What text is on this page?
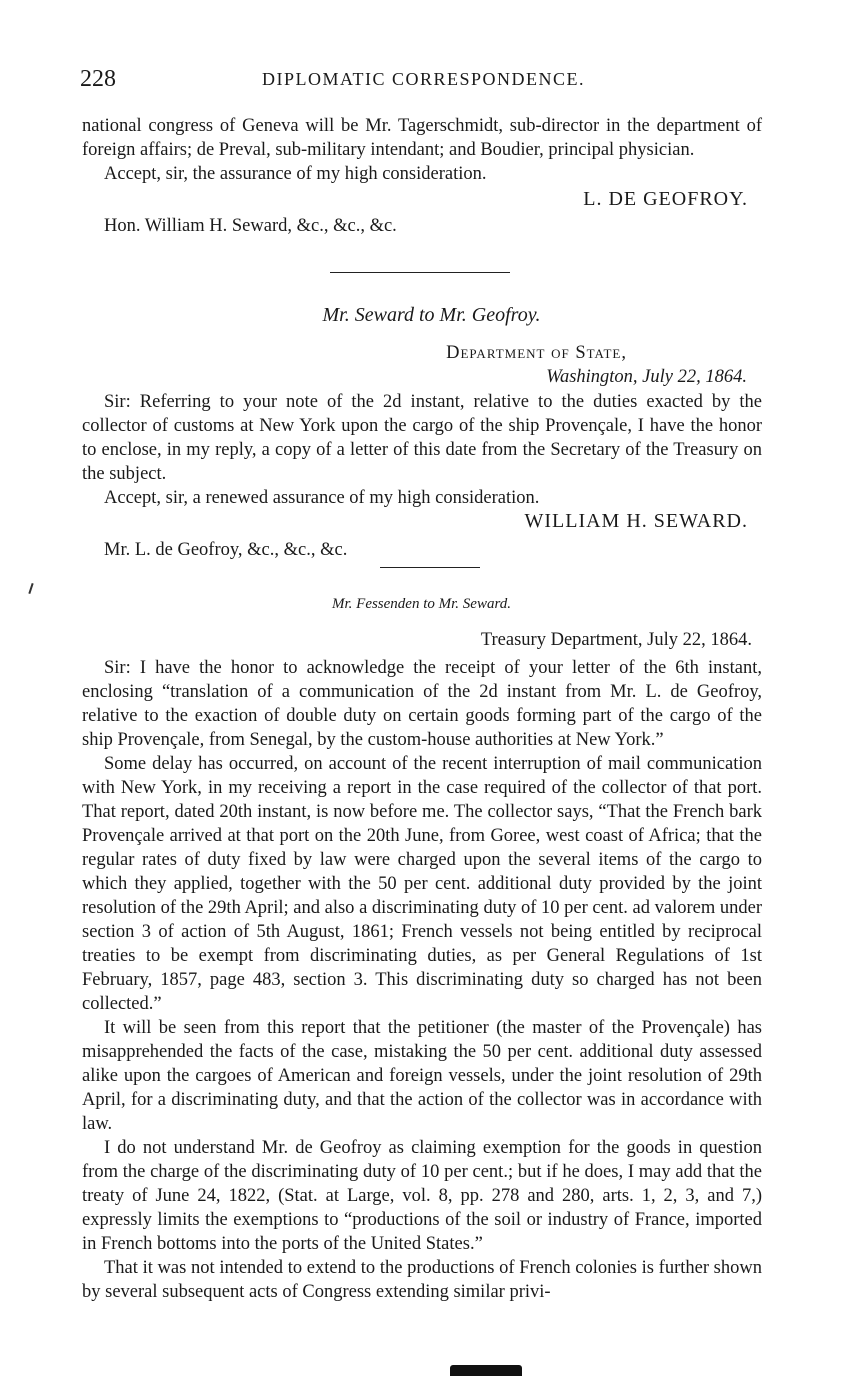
228	DIPLOMATIC CORRESPONDENCE.

national congress of Geneva will be Mr. Tagerschmidt, sub-director in the department of foreign affairs; de Preval, sub-military intendant; and Boudier, principal physician.

Accept, sir, the assurance of my high consideration.

L. DE GEOFROY.

Hon. William H. Seward, &c., &c., &c.

Mr. Seward to Mr. Geofroy.
Department of State,
Washington, July 22, 1864.

Sir: Referring to your note of the 2d instant, relative to the duties exacted by the collector of customs at New York upon the cargo of the ship Provençale, I have the honor to enclose, in my reply, a copy of a letter of this date from the Secretary of the Treasury on the subject.

Accept, sir, a renewed assurance of my high consideration.

WILLIAM H. SEWARD.

Mr. L. de Geofroy, &c., &c., &c.

Mr. Fessenden to Mr. Seward.
Treasury Department, July 22, 1864.

Sir: I have the honor to acknowledge the receipt of your letter of the 6th instant, enclosing “translation of a communication of the 2d instant from Mr. L. de Geofroy, relative to the exaction of double duty on certain goods forming part of the cargo of the ship Provençale, from Senegal, by the custom-house authorities at New York.”

Some delay has occurred, on account of the recent interruption of mail communication with New York, in my receiving a report in the case required of the collector of that port. That report, dated 20th instant, is now before me. The collector says, “That the French bark Provençale arrived at that port on the 20th June, from Goree, west coast of Africa; that the regular rates of duty fixed by law were charged upon the several items of the cargo to which they applied, together with the 50 per cent. additional duty provided by the joint resolution of the 29th April; and also a discriminating duty of 10 per cent. ad valorem under section 3 of action of 5th August, 1861; French vessels not being entitled by reciprocal treaties to be exempt from discriminating duties, as per General Regulations of 1st February, 1857, page 483, section 3. This discriminating duty so charged has not been collected.”

It will be seen from this report that the petitioner (the master of the Provençale) has misapprehended the facts of the case, mistaking the 50 per cent. additional duty assessed alike upon the cargoes of American and foreign vessels, under the joint resolution of 29th April, for a discriminating duty, and that the action of the collector was in accordance with law.

I do not understand Mr. de Geofroy as claiming exemption for the goods in question from the charge of the discriminating duty of 10 per cent.; but if he does, I may add that the treaty of June 24, 1822, (Stat. at Large, vol. 8, pp. 278 and 280, arts. 1, 2, 3, and 7,) expressly limits the exemptions to “productions of the soil or industry of France, imported in French bottoms into the ports of the United States.”

That it was not intended to extend to the productions of French colonies is further shown by several subsequent acts of Congress extending similar privi-
